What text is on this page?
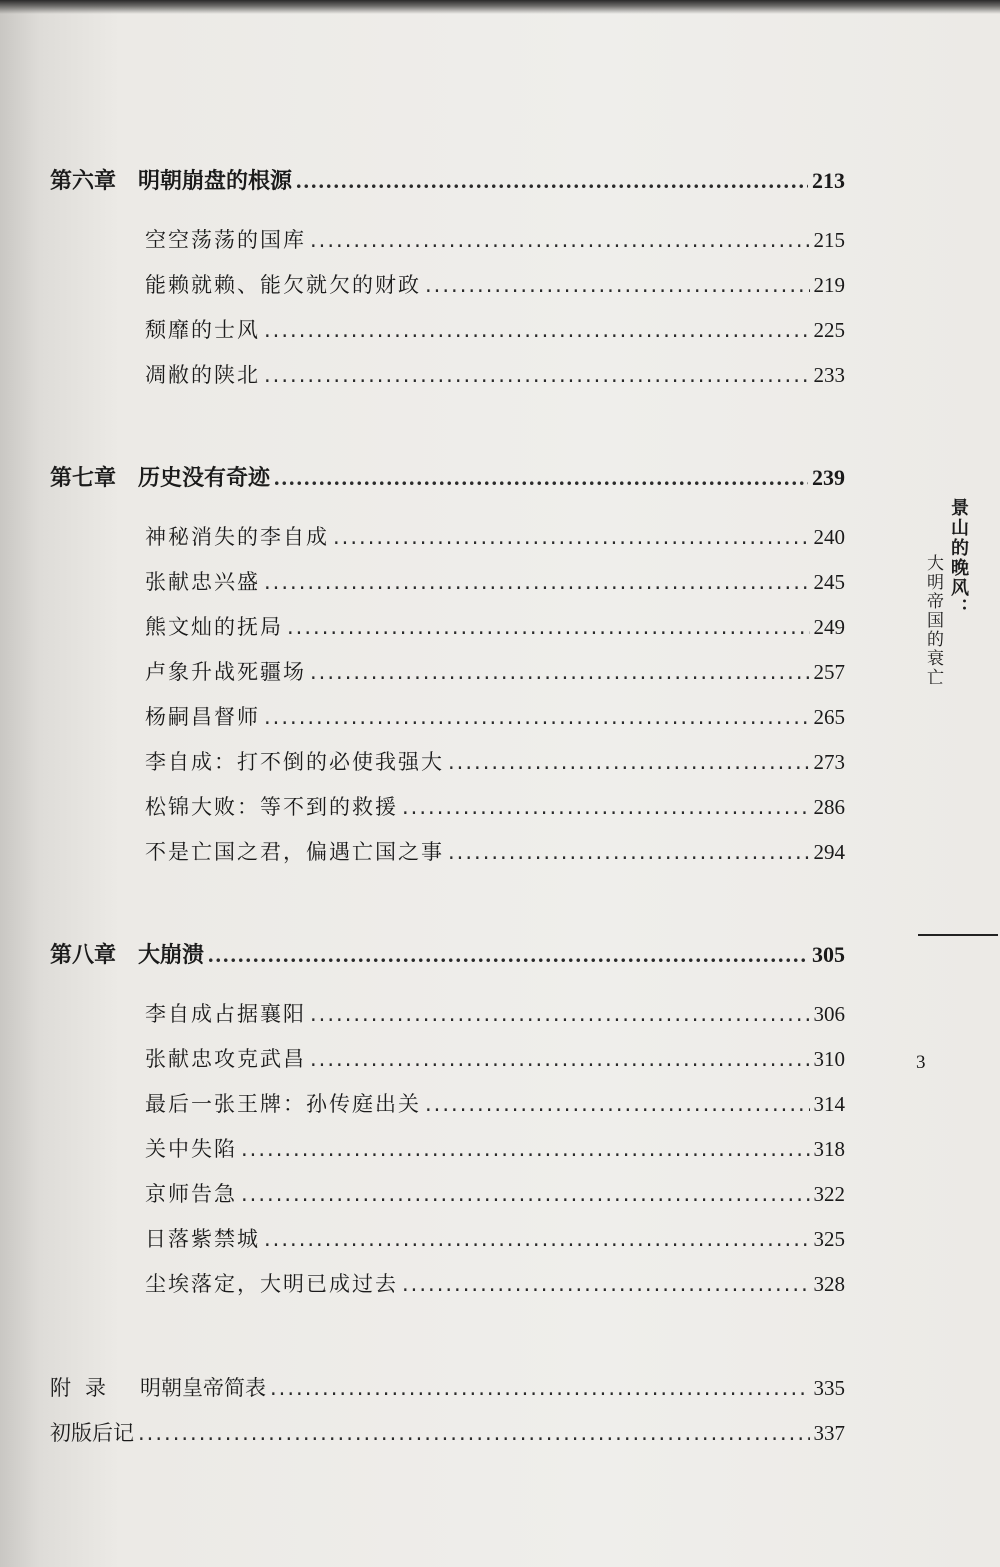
第六章 明朝崩盘的根源 .....	213
空空荡荡的国库 .....	215
能赖就赖、能欠就欠的财政 .....	219
颓靡的士风 .....	225
凋敝的陕北 .....	233
第七章 历史没有奇迹 .....	239
神秘消失的李自成 .....	240
张献忠兴盛 .....	245
熊文灿的抚局 .....	249
卢象升战死疆场 .....	257
杨嗣昌督师 .....	265
李自成：打不倒的必使我强大 .....	273
松锦大败：等不到的救援 .....	286
不是亡国之君，偏遇亡国之事 .....	294
第八章 大崩溃 .....	305
李自成占据襄阳 .....	306
张献忠攻克武昌 .....	310
最后一张王牌：孙传庭出关 .....	314
关中失陷 .....	318
京师告急 .....	322
日落紫禁城 .....	325
尘埃落定，大明已成过去 .....	328
附录 明朝皇帝简表 .....	335
初版后记 .....	337
景山的晚风：
大明帝国的衰亡
3
